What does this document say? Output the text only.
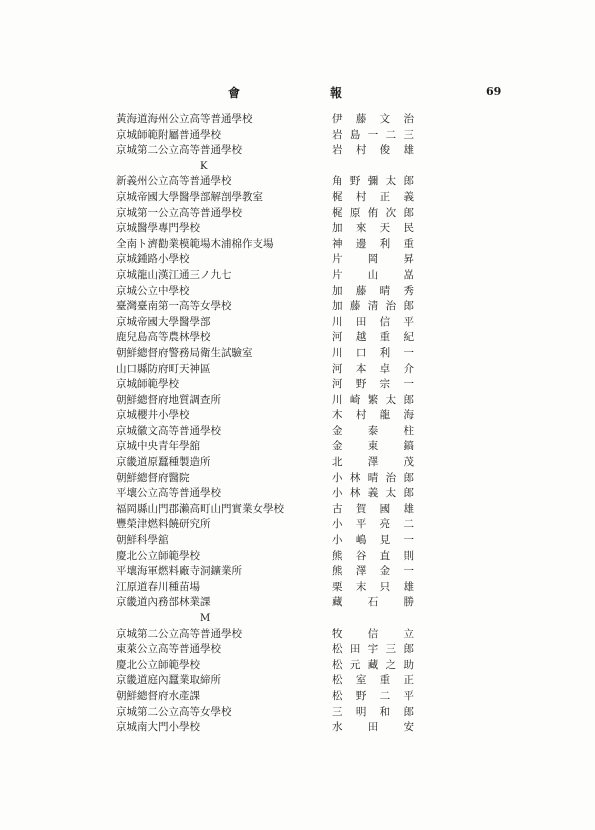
會	報	69
黃海道海州公立高等普通學校	伊 藤 文 治
京城師範附屬普通學校	岩 島 一 二 三
京城第二公立高等普通學校	岩 村 俊 雄
K
新義州公立高等普通學校	角 野 彌 太 郎
京城帝國大學醫學部解剖學教室	梶 村 正 義
京城第一公立高等普通學校	梶 原 侑 次 郎
京城醫學專門學校	加 來 天 民
全南ト濟勸業模範場木浦棉作支場	神 邊 利 重
京城鍾路小學校	片 岡 昇
京城龍山漢江通三ノ九七	片 山 嵓
京城公立中學校	加 藤 晴 秀
臺灣臺南第一高等女學校	加 藤 清 治 郎
京城帝國大學醫學部	川 田 信 平
鹿兒島高等農林學校	河 越 重 紀
朝鮮總督府警務局衛生試驗室	川 口 利 一
山口縣防府町天神區	河 本 卓 介
京城師範學校	河 野 宗 一
朝鮮總督府地質調查所	川 崎 繁 太 郎
京城櫻井小學校	木 村 龍 海
京城徽文高等普通學校	金 泰 柱
京城中央青年學舘	金 東 鎬
京畿道原蠶種製造所	北 澤 茂
朝鮮總督府醫院	小 林 晴 治 郎
平壤公立高等普通學校	小 林 義 太 郎
福岡縣山門郡瀨高町山門實業女學校	古 賀 國 雄
豐榮津燃料饒研究所	小 平 亮 二
朝鮮科學舘	小 嶋 見 一
慶北公立師範學校	熊 谷 直 則
平壤海軍燃料廠寺洞鑛業所	熊 澤 金 一
江原道春川種苗場	栗 末 只 雄
京畿道內務部林業課	藏 石 勝
M
京城第二公立高等普通學校	牧 信 立
東萊公立高等普通學校	松 田 宇 三 郎
慶北公立師範學校	松 元 藏 之 助
京畿道庭內蠶業取締所	松 室 重 正
朝鮮總督府水產課	松 野 二 平
京城第二公立高等女學校	三 明 和 郎
京城南大門小學校	水 田 安
